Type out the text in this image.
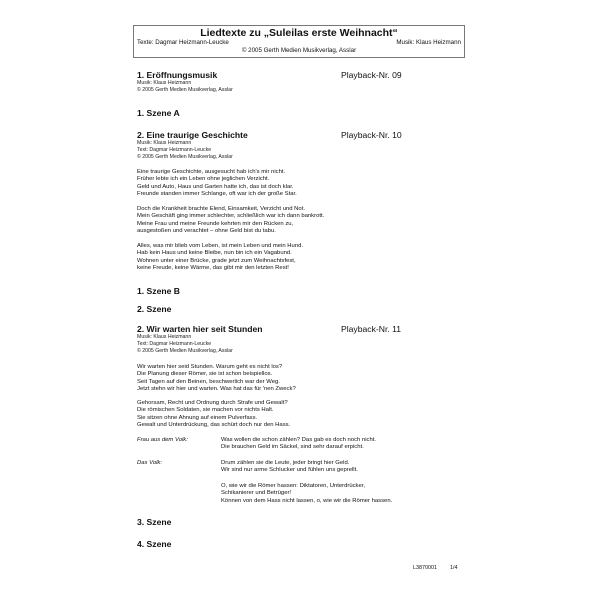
Liedtexte zu „Suleilas erste Weihnacht“
Texte: Dagmar Heizmann-Leucke	Musik: Klaus Heizmann
© 2005 Gerth Medien Musikverlag, Asslar
1. Eröffnungsmusik	Playback-Nr. 09
Musik: Klaus Heizmann
© 2005 Gerth Medien Musikverlag, Asslar
1. Szene A
2. Eine traurige Geschichte	Playback-Nr. 10
Musik: Klaus Heizmann
Text: Dagmar Heizmann-Leucke
© 2005 Gerth Medien Musikverlag, Asslar
Eine traurige Geschichte, ausgesucht hab ich's mir nicht.
Früher lebte ich ein Leben ohne jeglichen Verzicht.
Geld und Auto, Haus und Garten hatte ich, das ist doch klar.
Freunde standen immer Schlange, oft war ich der große Star.
Doch die Krankheit brachte Elend, Einsamkeit, Verzicht und Not.
Mein Geschäft ging immer schlechter, schließlich war ich dann bankrott.
Meine Frau und meine Freunde kehrten mir den Rücken zu,
ausgestoßen und verachtet – ohne Geld bist du tabu.
Alles, was mir blieb vom Leben, ist mein Leben und mein Hund.
Hab kein Haus und keine Bleibe, nun bin ich ein Vagabund.
Wohnen unter einer Brücke, grade jetzt zum Weihnachtsfest,
keine Freude, keine Wärme, das gibt mir den letzten Rest!
1. Szene B
2. Szene
2. Wir warten hier seit Stunden	Playback-Nr. 11
Musik: Klaus Heizmann
Text: Dagmar Heizmann-Leucke
© 2005 Gerth Medien Musikverlag, Asslar
Wir warten hier seid Stunden. Warum geht es nicht los?
Die Planung dieser Römer, sie ist schon beispiellos.
Seit Tagen auf den Beinen, beschwerlich war der Weg.
Jetzt stehn wir hier und warten. Was hat das für 'nen Zweck?
Gehorsam, Recht und Ordnung durch Strafe und Gewalt?
Die römischen Soldaten, sie machen vor nichts Halt.
Sie sitzen ohne Ahnung auf einem Pulverfass.
Gewalt und Unterdrückung, das schürt doch nur den Hass.
Frau aus dem Volk:	Was wollen die schon zählen? Das gab es doch noch nicht.
Die brauchen Geld im Säckel, sind sehr darauf erpicht.
Das Volk:	Drum zählen sie die Leute, jeder bringt hier Geld.
Wir sind nur arme Schlucker und fühlen uns geprellt.
O, wie wir die Römer hassen: Diktatoren, Unterdrücker,
Schikanierer und Betrüger!
Können von dem Hass nicht lassen, o, wie wir die Römer hassen.
3. Szene
4. Szene
L3870001 1/4
